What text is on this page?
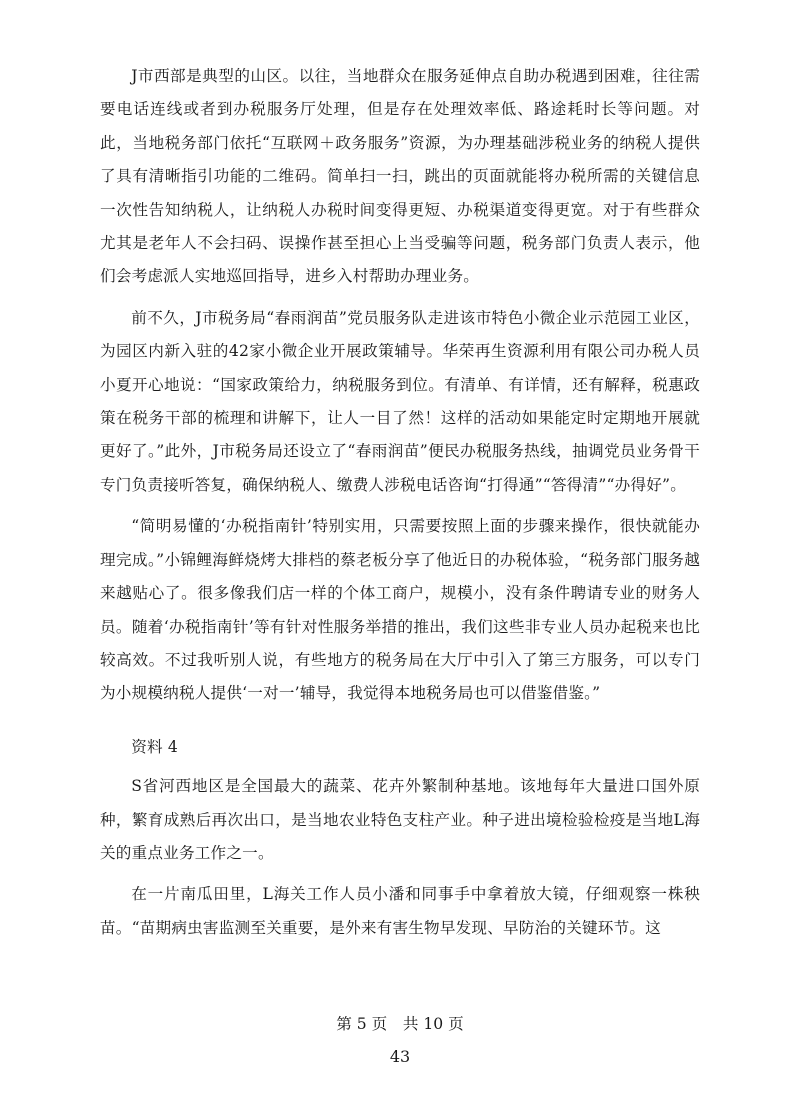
J市西部是典型的山区。以往，当地群众在服务延伸点自助办税遇到困难，往往需要电话连线或者到办税服务厅处理，但是存在处理效率低、路途耗时长等问题。对此，当地税务部门依托“互联网＋政务服务”资源，为办理基础涉税业务的纳税人提供了具有清晰指引功能的二维码。简单扫一扫，跳出的页面就能将办税所需的关键信息一次性告知纳税人，让纳税人办税时间变得更短、办税渠道变得更宽。对于有些群众尤其是老年人不会扫码、误操作甚至担心上当受骗等问题，税务部门负责人表示，他们会考虑派人实地巡回指导，进乡入村帮助办理业务。

前不久，J市税务局“春雨润苗”党员服务队走进该市特色小微企业示范园工业区，为园区内新入驻的42家小微企业开展政策辅导。华荣再生资源利用有限公司办税人员小夏开心地说：“国家政策给力，纳税服务到位。有清单、有详情，还有解释，税惠政策在税务干部的梳理和讲解下，让人一目了然！这样的活动如果能定时定期地开展就更好了。”此外，J市税务局还设立了“春雨润苗”便民办税服务热线，抽调党员业务骨干专门负责接听答复，确保纳税人、缴费人涉税电话咨询“打得通”“答得清”“办得好”。

“简明易懂的‘办税指南针’特别实用，只需要按照上面的步骤来操作，很快就能办理完成。”小锦鲤海鲜烧烤大排档的蔡老板分享了他近日的办税体验，“税务部门服务越来越贴心了。很多像我们店一样的个体工商户，规模小，没有条件聘请专业的财务人员。随着‘办税指南针’等有针对性服务举措的推出，我们这些非专业人员办起税来也比较高效。不过我听别人说，有些地方的税务局在大厅中引入了第三方服务，可以专门为小规模纳税人提供‘一对一’辅导，我觉得本地税务局也可以借鉴借鉴。”

资料 4

S省河西地区是全国最大的蔬菜、花卉外繁制种基地。该地每年大量进口国外原种，繁育成熟后再次出口，是当地农业特色支柱产业。种子进出境检验检疫是当地L海关的重点业务工作之一。

在一片南瓜田里，L海关工作人员小潘和同事手中拿着放大镜，仔细观察一株秧苗。“苗期病虫害监测至关重要，是外来有害生物早发现、早防治的关键环节。这

第 5 页　共 10 页
43
